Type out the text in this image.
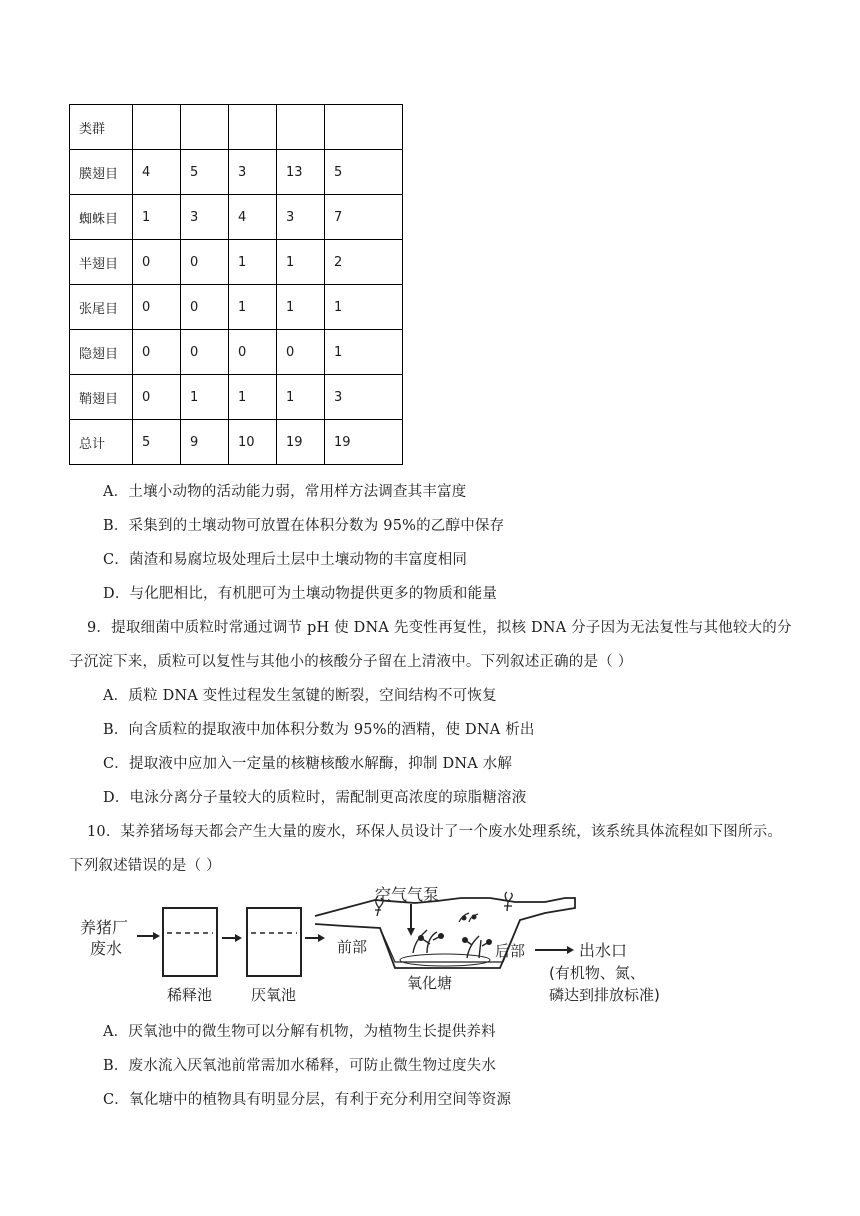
类群					
膜翅目	4	5	3	13	5
蜘蛛目	1	3	4	3	7
半翅目	0	0	1	1	2
张尾目	0	0	1	1	1
隐翅目	0	0	0	0	1
鞘翅目	0	1	1	1	3
总计	5	9	10	19	19
A．土壤小动物的活动能力弱，常用样方法调查其丰富度
B．采集到的土壤动物可放置在体积分数为 95%的乙醇中保存
C．菌渣和易腐垃圾处理后土层中土壤动物的丰富度相同
D．与化肥相比，有机肥可为土壤动物提供更多的物质和能量
9．提取细菌中质粒时常通过调节 pH 使 DNA 先变性再复性，拟核 DNA 分子因为无法复性与其他较大的分
子沉淀下来，质粒可以复性与其他小的核酸分子留在上清液中。下列叙述正确的是（ ）
A．质粒 DNA 变性过程发生氢键的断裂，空间结构不可恢复
B．向含质粒的提取液中加体积分数为 95%的酒精，使 DNA 析出
C．提取液中应加入一定量的核糖核酸水解酶，抑制 DNA 水解
D．电泳分离分子量较大的质粒时，需配制更高浓度的琼脂糖溶液
10．某养猪场每天都会产生大量的废水，环保人员设计了一个废水处理系统，该系统具体流程如下图所示。
下列叙述错误的是（ ）
养猪厂
废水
稀释池	厌氧池
空气气泵
前部	后部
氧化塘
出水口
(有机物、氮、
磷达到排放标准)
A．厌氧池中的微生物可以分解有机物，为植物生长提供养料
B．废水流入厌氧池前常需加水稀释，可防止微生物过度失水
C．氧化塘中的植物具有明显分层，有利于充分利用空间等资源
